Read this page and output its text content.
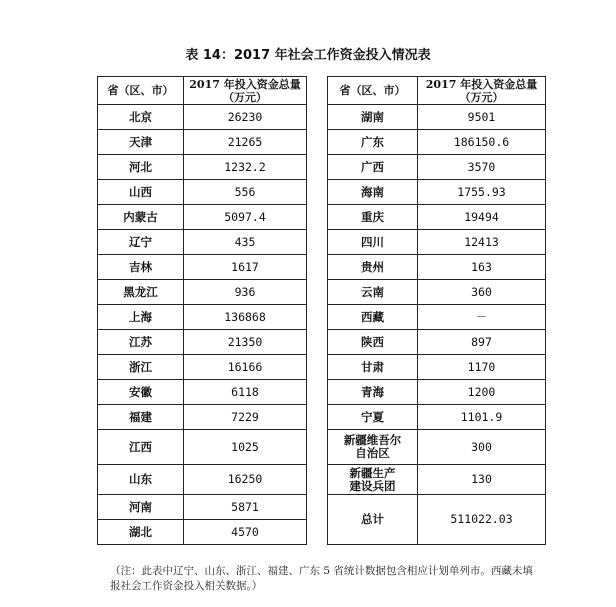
表 14：2017 年社会工作资金投入情况表
省（区、市）	2017 年投入资金总量
（万元）

北京	26230
天津	21265
河北	1232.2
山西	556
内蒙古	5097.4
辽宁	435
吉林	1617
黑龙江	936
上海	136868
江苏	21350
浙江	16166
安徽	6118
福建	7229
江西	1025
山东	16250
河南	5871
湖北	4570
省（区、市）	2017 年投入资金总量
（万元）

湖南	9501
广东	186150.6
广西	3570
海南	1755.93
重庆	19494
四川	12413
贵州	163
云南	360
西藏	－
陕西	897
甘肃	1170
青海	1200
宁夏	1101.9

新疆维吾尔
自治区	300

新疆生产
建设兵团	130
总计	511022.03
（注：此表中辽宁、山东、浙江、福建、广东 5 省统计数据包含相应计划单列市。西藏未填
报社会工作资金投入相关数据。）
